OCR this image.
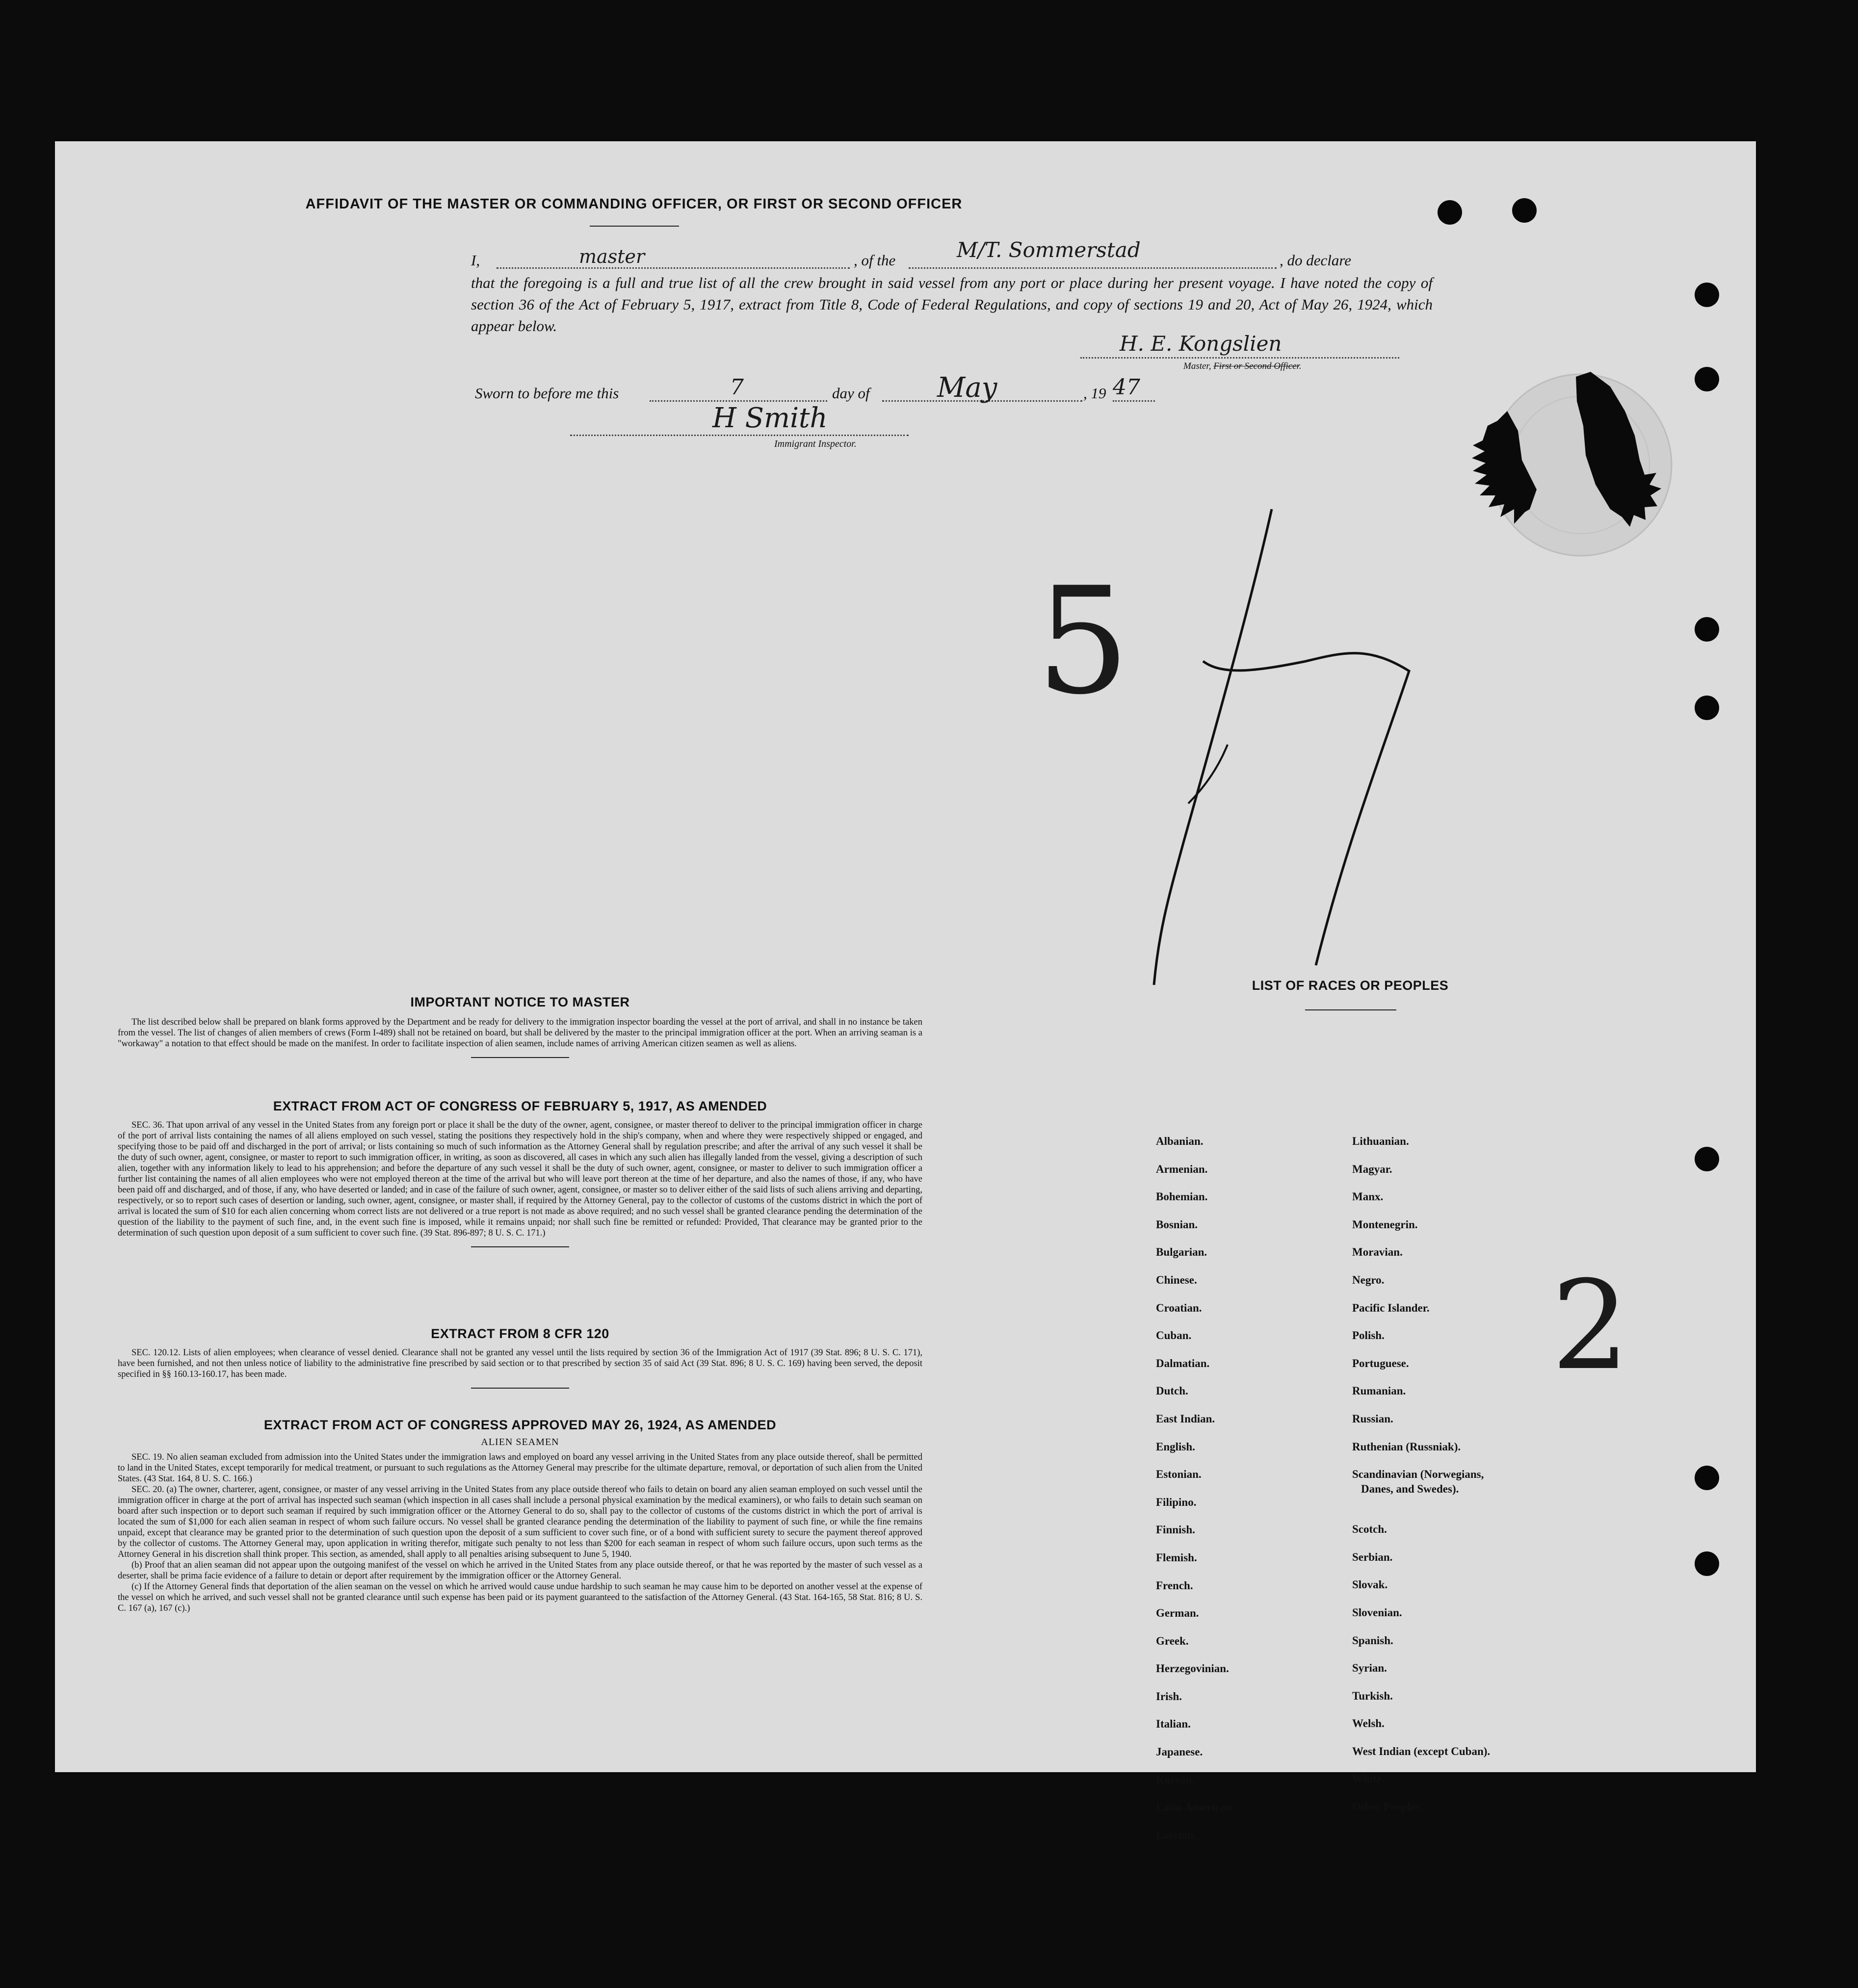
AFFIDAVIT OF THE MASTER OR COMMANDING OFFICER, OR FIRST OR SECOND OFFICER
I,	master	, of the	M/T. Sommerstad	, do declare
that the foregoing is a full and true list of all the crew brought in said vessel from any port or place during her present voyage. I have noted the copy of section 36 of the Act of February 5, 1917, extract from Title 8, Code of Federal Regulations, and copy of sections 19 and 20, Act of May 26, 1924, which appear below.
H. E. Kongslien
Master, First or Second Officer.
Sworn to before me this	7	day of May	, 19 47
H Smith
Immigrant Inspector.
5
2
IMPORTANT NOTICE TO MASTER
The list described below shall be prepared on blank forms approved by the Department and be ready for delivery to the immigration inspector boarding the vessel at the port of arrival, and shall in no instance be taken from the vessel. The list of changes of alien members of crews (Form I-489) shall not be retained on board, but shall be delivered by the master to the principal immigration officer at the port. When an arriving seaman is a "workaway" a notation to that effect should be made on the manifest. In order to facilitate inspection of alien seamen, include names of arriving American citizen seamen as well as aliens.
EXTRACT FROM ACT OF CONGRESS OF FEBRUARY 5, 1917, AS AMENDED
SEC. 36. That upon arrival of any vessel in the United States from any foreign port or place it shall be the duty of the owner, agent, consignee, or master thereof to deliver to the principal immigration officer in charge of the port of arrival lists containing the names of all aliens employed on such vessel, stating the positions they respectively hold in the ship's company, when and where they were respectively shipped or engaged, and specifying those to be paid off and discharged in the port of arrival; or lists containing so much of such information as the Attorney General shall by regulation prescribe; and after the arrival of any such vessel it shall be the duty of such owner, agent, consignee, or master to report to such immigration officer, in writing, as soon as discovered, all cases in which any such alien has illegally landed from the vessel, giving a description of such alien, together with any information likely to lead to his apprehension; and before the departure of any such vessel it shall be the duty of such owner, agent, consignee, or master to deliver to such immigration officer a further list containing the names of all alien employees who were not employed thereon at the time of the arrival but who will leave port thereon at the time of her departure, and also the names of those, if any, who have been paid off and discharged, and of those, if any, who have deserted or landed; and in case of the failure of such owner, agent, consignee, or master so to deliver either of the said lists of such aliens arriving and departing, respectively, or so to report such cases of desertion or landing, such owner, agent, consignee, or master shall, if required by the Attorney General, pay to the collector of customs of the customs district in which the port of arrival is located the sum of $10 for each alien concerning whom correct lists are not delivered or a true report is not made as above required; and no such vessel shall be granted clearance pending the determination of the question of the liability to the payment of such fine, and, in the event such fine is imposed, while it remains unpaid; nor shall such fine be remitted or refunded: Provided, That clearance may be granted prior to the determination of such question upon deposit of a sum sufficient to cover such fine. (39 Stat. 896-897; 8 U. S. C. 171.)
EXTRACT FROM 8 CFR 120
SEC. 120.12. Lists of alien employees; when clearance of vessel denied. Clearance shall not be granted any vessel until the lists required by section 36 of the Immigration Act of 1917 (39 Stat. 896; 8 U. S. C. 171), have been furnished, and not then unless notice of liability to the administrative fine prescribed by said section or to that prescribed by section 35 of said Act (39 Stat. 896; 8 U. S. C. 169) having been served, the deposit specified in §§ 160.13-160.17, has been made.
EXTRACT FROM ACT OF CONGRESS APPROVED MAY 26, 1924, AS AMENDED
ALIEN SEAMEN
SEC. 19. No alien seaman excluded from admission into the United States under the immigration laws and employed on board any vessel arriving in the United States from any place outside thereof, shall be permitted to land in the United States, except temporarily for medical treatment, or pursuant to such regulations as the Attorney General may prescribe for the ultimate departure, removal, or deportation of such alien from the United States. (43 Stat. 164, 8 U. S. C. 166.)
SEC. 20. (a) The owner, charterer, agent, consignee, or master of any vessel arriving in the United States from any place outside thereof who fails to detain on board any alien seaman employed on such vessel until the immigration officer in charge at the port of arrival has inspected such seaman (which inspection in all cases shall include a personal physical examination by the medical examiners), or who fails to detain such seaman on board after such inspection or to deport such seaman if required by such immigration officer or the Attorney General to do so, shall pay to the collector of customs of the customs district in which the port of arrival is located the sum of $1,000 for each alien seaman in respect of whom such failure occurs. No vessel shall be granted clearance pending the determination of the liability to payment of such fine, or while the fine remains unpaid, except that clearance may be granted prior to the determination of such question upon the deposit of a sum sufficient to cover such fine, or of a bond with sufficient surety to secure the payment thereof approved by the collector of customs. The Attorney General may, upon application in writing therefor, mitigate such penalty to not less than $200 for each seaman in respect of whom such failure occurs, upon such terms as the Attorney General in his discretion shall think proper. This section, as amended, shall apply to all penalties arising subsequent to June 5, 1940.
(b) Proof that an alien seaman did not appear upon the outgoing manifest of the vessel on which he arrived in the United States from any place outside thereof, or that he was reported by the master of such vessel as a deserter, shall be prima facie evidence of a failure to detain or deport after requirement by the immigration officer or the Attorney General.
(c) If the Attorney General finds that deportation of the alien seaman on the vessel on which he arrived would cause undue hardship to such seaman he may cause him to be deported on another vessel at the expense of the vessel on which he arrived, and such vessel shall not be granted clearance until such expense has been paid or its payment guaranteed to the satisfaction of the Attorney General. (43 Stat. 164-165, 58 Stat. 816; 8 U. S. C. 167 (a), 167 (c).)
LIST OF RACES OR PEOPLES
Albanian.
Armenian.
Bohemian.
Bosnian.
Bulgarian.
Chinese.
Croatian.
Cuban.
Dalmatian.
Dutch.
East Indian.
English.
Estonian.
Filipino.
Finnish.
Flemish.
French.
German.
Greek.
Herzegovinian.
Irish.
Italian.
Japanese.
Korean.
Latin American.
Latvian.
Lithuanian.
Magyar.
Manx.
Montenegrin.
Moravian.
Negro.
Pacific Islander.
Polish.
Portuguese.
Rumanian.
Russian.
Ruthenian (Russniak).
Scandinavian (Norwegians,
Danes, and Swedes).
Scotch.
Serbian.
Slovak.
Slovenian.
Spanish.
Syrian.
Turkish.
Welsh.
West Indian (except Cuban).
White.
Other Peoples.
